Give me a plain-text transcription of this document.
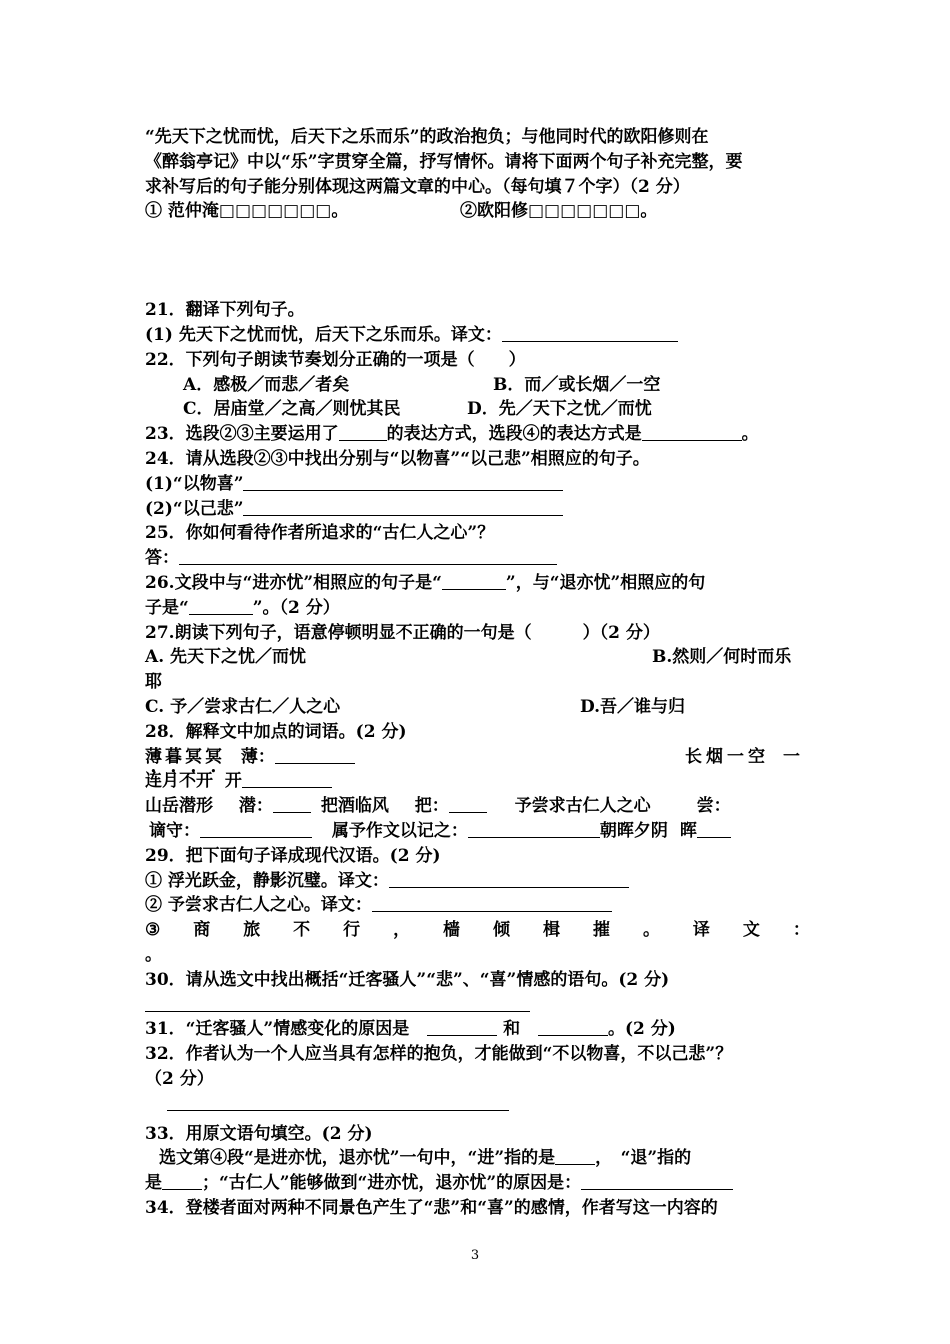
“先天下之忧而忧，后天下之乐而乐”的政治抱负；与他同时代的欧阳修则在
《醉翁亭记》中以“乐”字贯穿全篇，抒写情怀。请将下面两个句子补充完整，要
求补写后的句子能分别体现这两篇文章的中心。（每句填７个字）（2 分）
① 范仲淹□□□□□□□。	②欧阳修□□□□□□□。
21．翻译下列句子。
(1) 先天下之忧而忧，后天下之乐而乐。译文：
22．下列句子朗读节奏划分正确的一项是（　　）
A．感极／而悲／者矣	B．而／或长烟／一空
C．居庙堂／之高／则忧其民	D．先／天下之忧／而忧
23．选段②③主要运用了	的表达方式，选段④的表达方式是	。
24．请从选段②③中找出分别与“以物喜”“以己悲”相照应的句子。
(1)“以物喜”
(2)“以己悲”
25．你如何看待作者所追求的“古仁人之心”？
答：
26.文段中与“进亦忧”相照应的句子是“	”，与“退亦忧”相照应的句
子是“	”。（2 分）
27.朗读下列句子，语意停顿明显不正确的一句是（　　　）（2 分）
A. 先天下之忧／而忧	B.然则／何时而乐
耶
C. 予／尝求古仁／人之心	D.吾／谁与归
28．解释文中加点的词语。(2 分)
薄暮冥冥 薄：	长烟一空 一
连月不开 开
山岳潜形 潜：	把酒临风 把：	予尝求古仁人之心	尝：
谪守：	属予作文以记之：	朝晖夕阴 晖
29．把下面句子译成现代汉语。(2 分)
① 浮光跃金，静影沉璧。译文：
② 予尝求古仁人之心。译文：
③ 商 旅 不 行 ， 樯 倾 楫 摧 。 译 文 ：
。
30．请从选文中找出概括“迁客骚人”“悲”、“喜”情感的语句。(2 分)
31．“迁客骚人”情感变化的原因是	和	。(2 分)
32．作者认为一个人应当具有怎样的抱负，才能做到“不以物喜，不以己悲”？
（2 分）
33．用原文语句填空。(2 分)
选文第④段“是进亦忧，退亦忧”一句中，“进”指的是 ，　“退”指的
是 ；“古仁人”能够做到“进亦忧，退亦忧”的原因是：
34．登楼者面对两种不同景色产生了“悲”和“喜”的感情，作者写这一内容的
3
